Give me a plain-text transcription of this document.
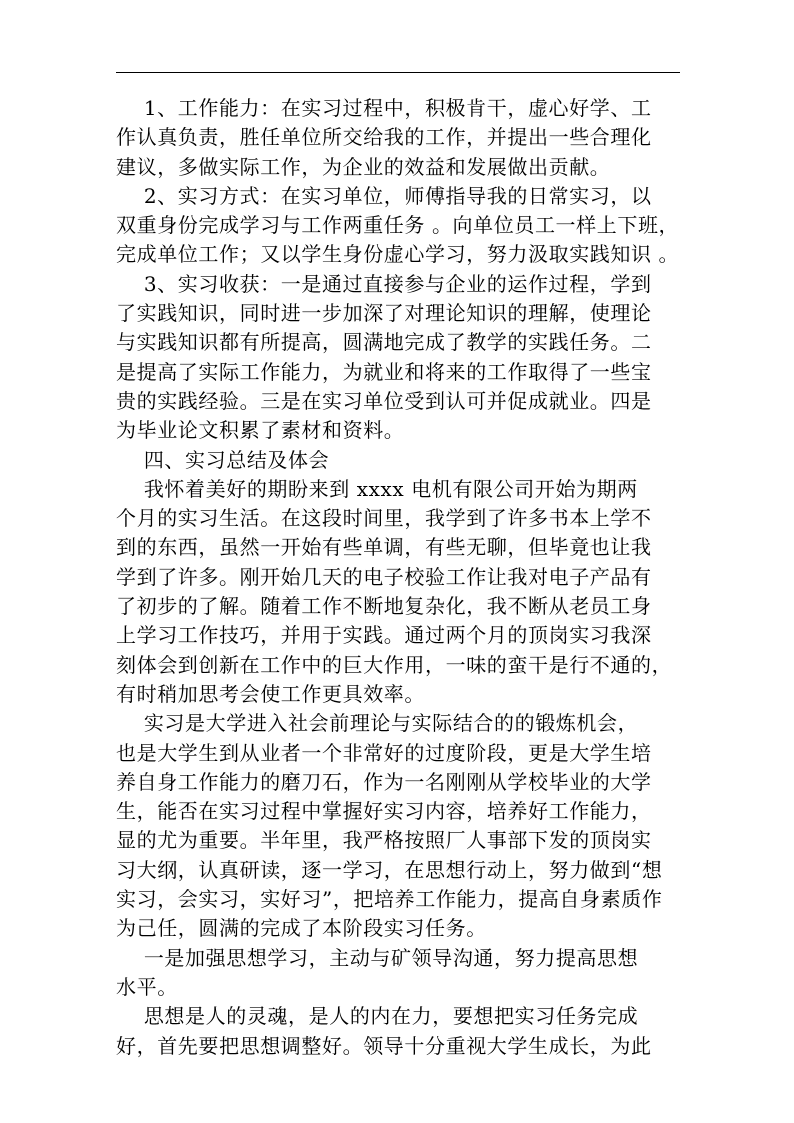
1、工作能力：在实习过程中，积极肯干，虚心好学、工
作认真负责，胜任单位所交给我的工作，并提出一些合理化
建议，多做实际工作，为企业的效益和发展做出贡献。
2、实习方式：在实习单位，师傅指导我的日常实习，以
双重身份完成学习与工作两重任务 。向单位员工一样上下班，
完成单位工作；又以学生身份虚心学习，努力汲取实践知识 。
3、实习收获：一是通过直接参与企业的运作过程，学到
了实践知识，同时进一步加深了对理论知识的理解，使理论
与实践知识都有所提高，圆满地完成了教学的实践任务。二
是提高了实际工作能力，为就业和将来的工作取得了一些宝
贵的实践经验。三是在实习单位受到认可并促成就业。四是
为毕业论文积累了素材和资料。
四、实习总结及体会
我怀着美好的期盼来到 xxxx 电机有限公司开始为期两
个月的实习生活。在这段时间里，我学到了许多书本上学不
到的东西，虽然一开始有些单调，有些无聊，但毕竟也让我
学到了许多。刚开始几天的电子校验工作让我对电子产品有
了初步的了解。随着工作不断地复杂化，我不断从老员工身
上学习工作技巧，并用于实践。通过两个月的顶岗实习我深
刻体会到创新在工作中的巨大作用，一味的蛮干是行不通的，
有时稍加思考会使工作更具效率。
实习是大学进入社会前理论与实际结合的的锻炼机会，
也是大学生到从业者一个非常好的过度阶段，更是大学生培
养自身工作能力的磨刀石，作为一名刚刚从学校毕业的大学
生，能否在实习过程中掌握好实习内容，培养好工作能力，
显的尤为重要。半年里，我严格按照厂人事部下发的顶岗实
习大纲，认真研读，逐一学习，在思想行动上，努力做到“想
实习，会实习，实好习”，把培养工作能力，提高自身素质作
为己任，圆满的完成了本阶段实习任务。
一是加强思想学习，主动与矿领导沟通，努力提高思想
水平。
思想是人的灵魂，是人的内在力，要想把实习任务完成
好，首先要把思想调整好。领导十分重视大学生成长，为此
